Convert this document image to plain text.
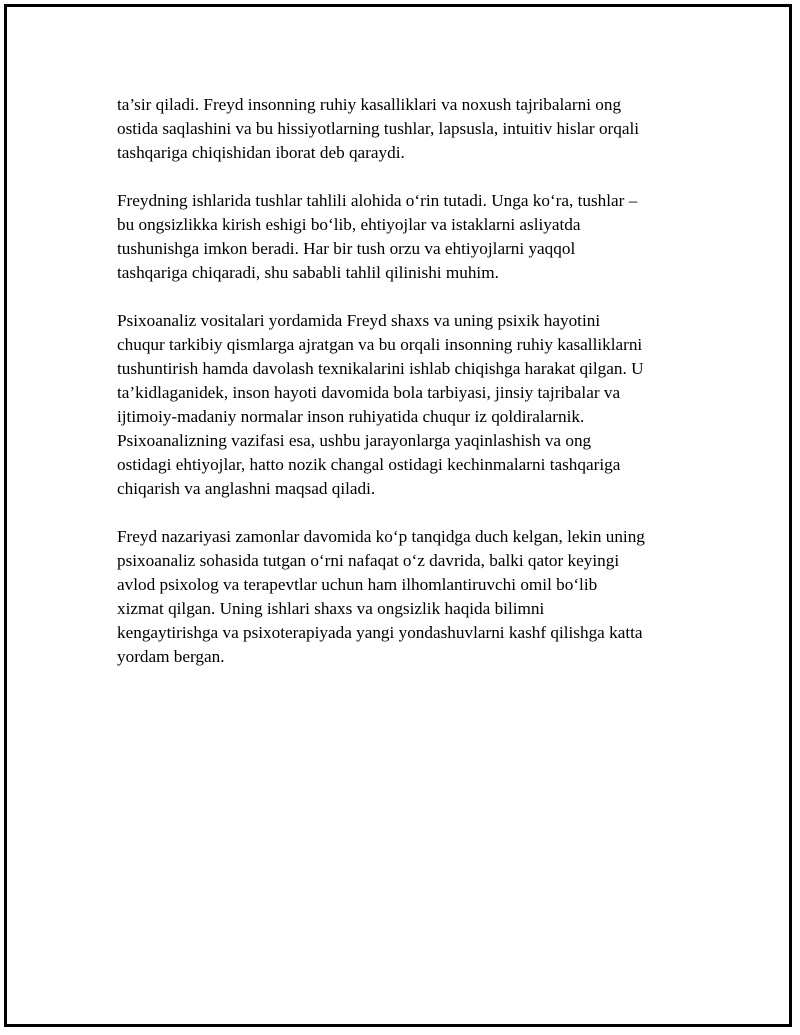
ta’sir qiladi. Freyd insonning ruhiy kasalliklari va noxush tajribalarni ong
ostida saqlashini va bu hissiyotlarning tushlar, lapsusla, intuitiv hislar orqali
tashqariga chiqishidan iborat deb qaraydi.

Freydning ishlarida tushlar tahlili alohida o‘rin tutadi. Unga ko‘ra, tushlar –
bu ongsizlikka kirish eshigi bo‘lib, ehtiyojlar va istaklarni asliyatda
tushunishga imkon beradi. Har bir tush orzu va ehtiyojlarni yaqqol
tashqariga chiqaradi, shu sababli tahlil qilinishi muhim.

Psixoanaliz vositalari yordamida Freyd shaxs va uning psixik hayotini
chuqur tarkibiy qismlarga ajratgan va bu orqali insonning ruhiy kasalliklarni
tushuntirish hamda davolash texnikalarini ishlab chiqishga harakat qilgan. U
ta’kidlaganidek, inson hayoti davomida bola tarbiyasi, jinsiy tajribalar va
ijtimoiy-madaniy normalar inson ruhiyatida chuqur iz qoldiralarnik.
Psixoanalizning vazifasi esa, ushbu jarayonlarga yaqinlashish va ong
ostidagi ehtiyojlar, hatto nozik changal ostidagi kechinmalarni tashqariga
chiqarish va anglashni maqsad qiladi.

Freyd nazariyasi zamonlar davomida ko‘p tanqidga duch kelgan, lekin uning
psixoanaliz sohasida tutgan o‘rni nafaqat o‘z davrida, balki qator keyingi
avlod psixolog va terapevtlar uchun ham ilhomlantiruvchi omil bo‘lib
xizmat qilgan. Uning ishlari shaxs va ongsizlik haqida bilimni
kengaytirishga va psixoterapiyada yangi yondashuvlarni kashf qilishga katta
yordam bergan.
